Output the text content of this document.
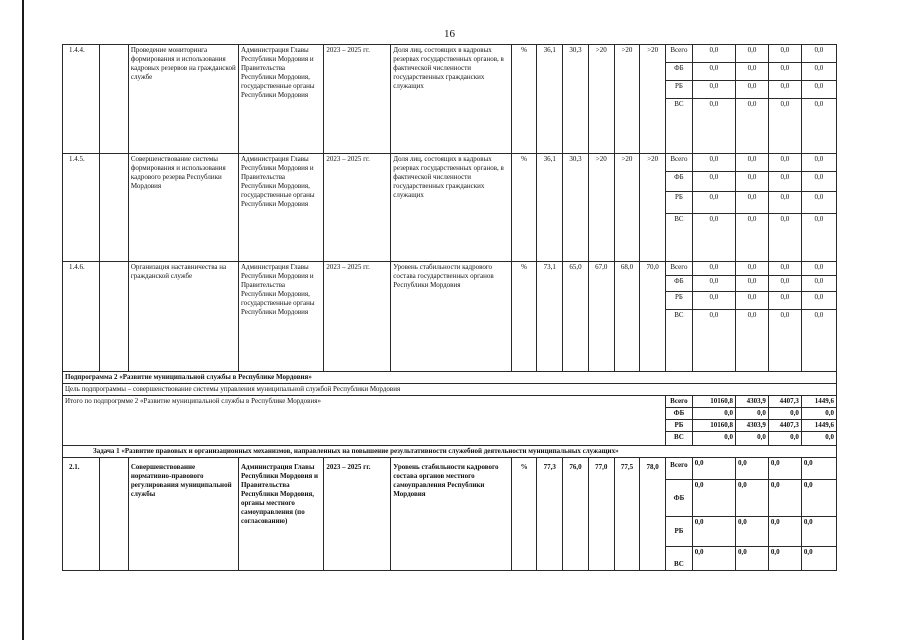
16
1.4.4.		Проведение мониторинга формирования и использования кадровых резервов на гражданской службе	Администрация Главы Республики Мордовия и Правительства Республики Мордовия, государственные органы Республики Мордовия	2023 – 2025 гг.	Доля лиц, состоящих в кадровых резервах государственных органов, в фактической численности государственных гражданских служащих	%	36,1	30,3	>20	>20	>20	Всего	0,0	0,0	0,0	0,0
												ФБ	0,0	0,0	0,0	0,0
												РБ	0,0	0,0	0,0	0,0
												ВС	0,0	0,0	0,0	0,0
1.4.5.		Совершенствование системы формирования и использования кадрового резерва Республики Мордовия	Администрация Главы Республики Мордовия и Правительства Республики Мордовия, государственные органы Республики Мордовия	2023 – 2025 гг.	Доля лиц, состоящих в кадровых резервах государственных органов, в фактической численности государственных гражданских служащих	%	36,1	30,3	>20	>20	>20	Всего	0,0	0,0	0,0	0,0
												ФБ	0,0	0,0	0,0	0,0
												РБ	0,0	0,0	0,0	0,0
												ВС	0,0	0,0	0,0	0,0
1.4.6.		Организация наставничества на гражданской службе	Администрация Главы Республики Мордовия и Правительства Республики Мордовия, государственные органы Республики Мордовия	2023 – 2025 гг.	Уровень стабильности кадрового состава государственных органов Республики Мордовия	%	73,1	65,0	67,0	68,0	70,0	Всего	0,0	0,0	0,0	0,0
												ФБ	0,0	0,0	0,0	0,0
												РБ	0,0	0,0	0,0	0,0
												ВС	0,0	0,0	0,0	0,0
Подпрограмма 2 «Развитие муниципальной службы в Республике Мордовия»																
Цель подпрограммы – совершенствование системы управления муниципальной службой Республики Мордовия																
Итого по подпрогрмме 2 «Развитие муниципальной службы в Республике Мордовия»												Всего	10160,8	4303,9	4407,3	1449,6
												ФБ	0,0	0,0	0,0	0,0
												РБ	10160,8	4303,9	4407,3	1449,6
												ВС	0,0	0,0	0,0	0,0
Задача 1 «Развитие правовых и организационных механизмов, направленных на повышение результативности служебной деятельности муниципальных служащих»																
2.1.		Совершенствование нормативно-правового регулирования муниципальной службы	Администрация Главы Республики Мордовия и Правительства Республики Мордовия, органы местного самоуправления (по согласованию)	2023 – 2025 гг.	Уровень стабильности кадрового состава органов местного самоуправления Республики Мордовия	%	77,3	76,0	77,0	77,5	78,0	Всего	0,0	0,0	0,0	0,0
												ФБ	0,0	0,0	0,0	0,0
												РБ	0,0	0,0	0,0	0,0
												ВС	0,0	0,0	0,0	0,0
